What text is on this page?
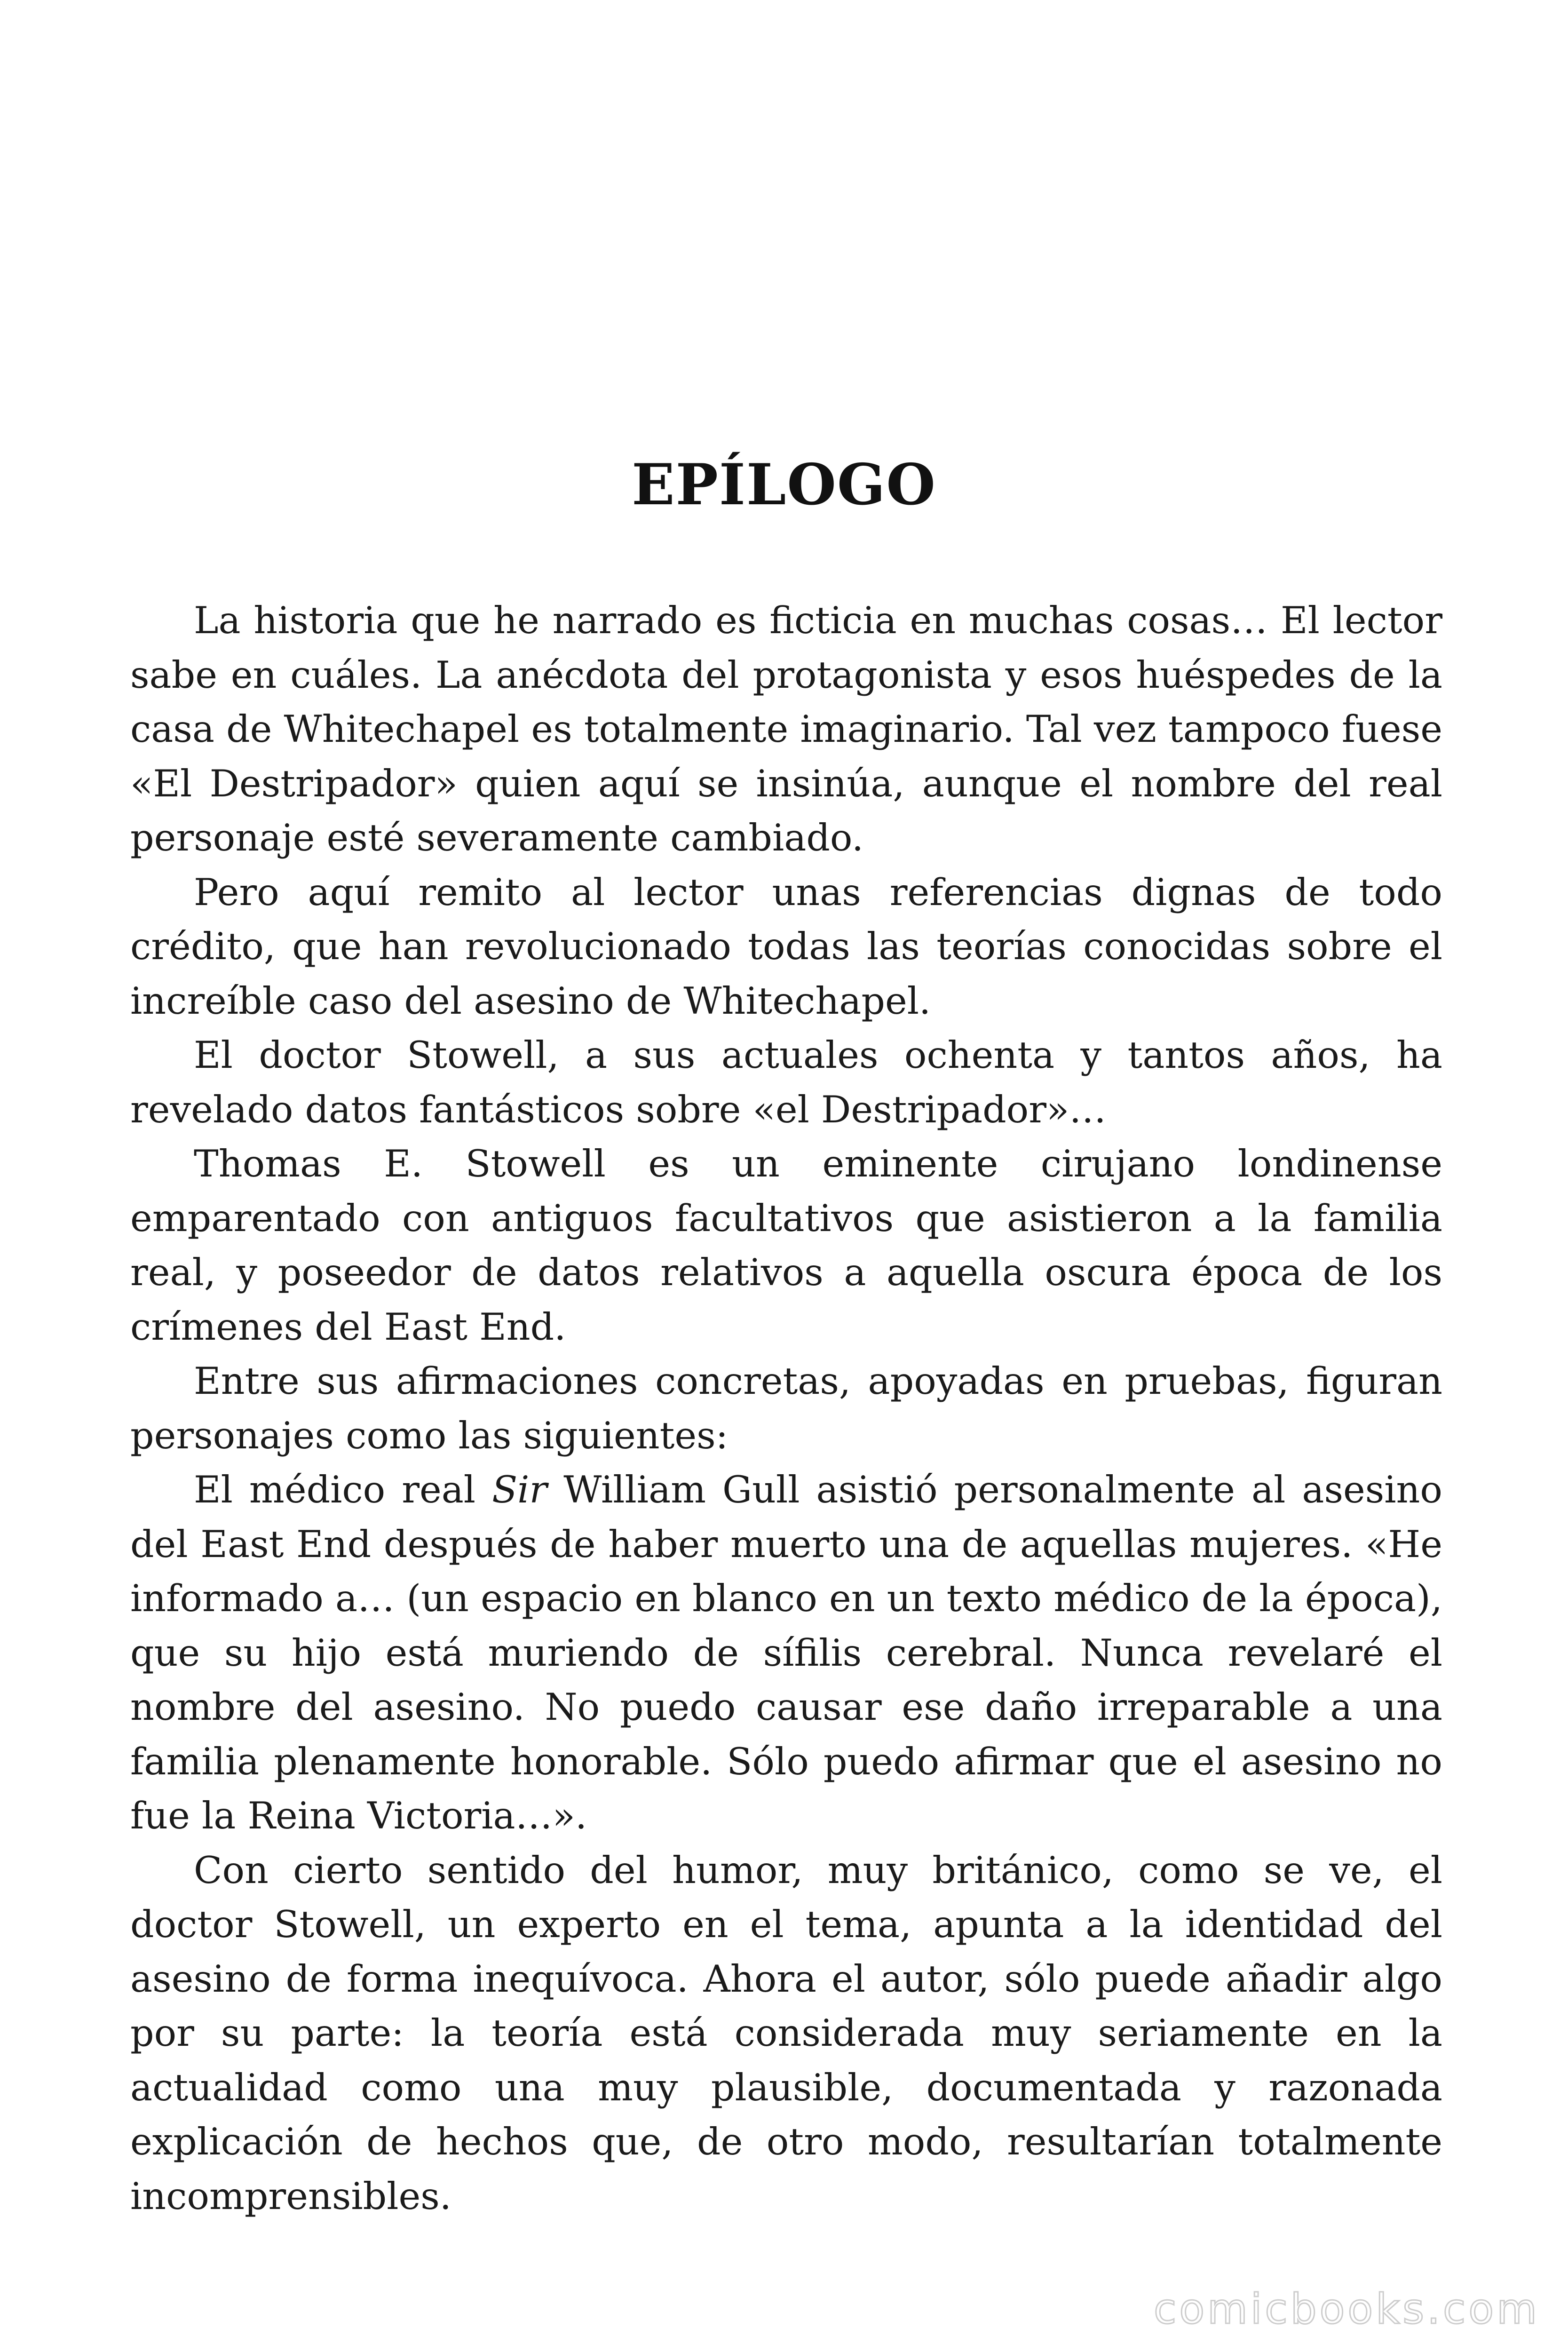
EPÍLOGO

La historia que he narrado es ficticia en muchas cosas… El lector sabe en cuáles. La anécdota del protagonista y esos huéspedes de la casa de Whitechapel es totalmente imaginario. Tal vez tampoco fuese «El Destripador» quien aquí se insinúa, aunque el nombre del real personaje esté severamente cambiado.

Pero aquí remito al lector unas referencias dignas de todo crédito, que han revolucionado todas las teorías conocidas sobre el increíble caso del asesino de Whitechapel.

El doctor Stowell, a sus actuales ochenta y tantos años, ha revelado datos fantásticos sobre «el Destripador»…

Thomas E. Stowell es un eminente cirujano londinense emparentado con antiguos facultativos que asistieron a la familia real, y poseedor de datos relativos a aquella oscura época de los crímenes del East End.

Entre sus afirmaciones concretas, apoyadas en pruebas, figuran personajes como las siguientes:

El médico real Sir William Gull asistió personalmente al asesino del East End después de haber muerto una de aquellas mujeres. «He informado a… (un espacio en blanco en un texto médico de la época), que su hijo está muriendo de sífilis cerebral. Nunca revelaré el nombre del asesino. No puedo causar ese daño irreparable a una familia plenamente honorable. Sólo puedo afirmar que el asesino no fue la Reina Victoria…».

Con cierto sentido del humor, muy británico, como se ve, el doctor Stowell, un experto en el tema, apunta a la identidad del asesino de forma inequívoca. Ahora el autor, sólo puede añadir algo por su parte: la teoría está considerada muy seriamente en la actualidad como una muy plausible, documentada y razonada explicación de hechos que, de otro modo, resultarían totalmente incomprensibles.

comicbooks.com
